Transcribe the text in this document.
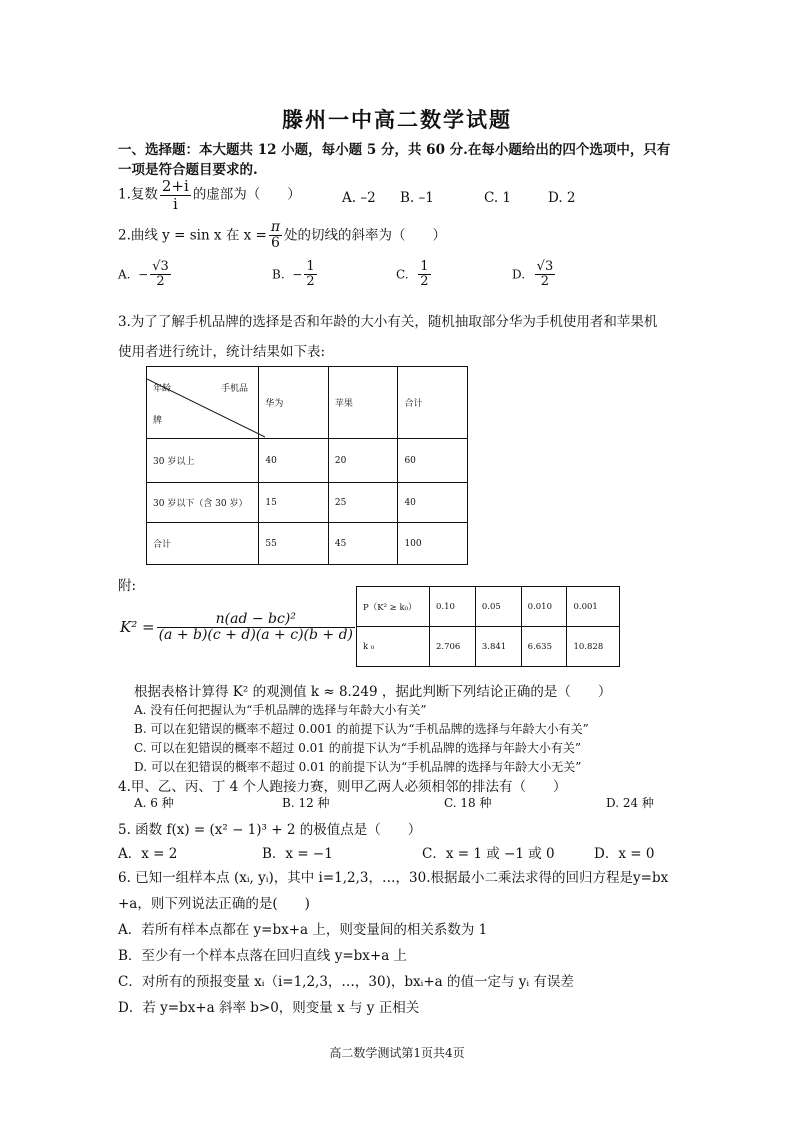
滕州一中高二数学试题
一、选择题：本大题共 12 小题，每小题 5 分，共 60 分.在每小题给出的四个选项中，只有
一项是符合题目要求的.
1.复数 $\frac{2+i}{i}$ 的虚部为（　　）	A. –2 B. –1	C. 1	D. 2
2.曲线 y = sin x 在 $x = \frac{\pi}{6}$ 处的切线的斜率为（　　）
A. − $\frac{√3}{2}$	B. − $\frac{1}{2}$	C. $\frac{1}{2}$	D. $\frac{√3}{2}$
3.为了了解手机品牌的选择是否和年龄的大小有关，随机抽取部分华为手机使用者和苹果机
使用者进行统计，统计结果如下表:
年龄 手机品
牌	华为	苹果	合计
30 岁以上	40	20	60
30 岁以下（含 30 岁）	15	25	40
合计	55	45	100
附:
$K^2 = \frac{\text{n(ad − bc)²}}{(a + b)(c + d)(a + c)(b + d)}$
P（K² ≥ k₀）	0.10	0.05	0.010	0.001
k ₀	2.706	3.841	6.635	10.828
根据表格计算得 K² 的观测值 k ≈ 8.249 ，据此判断下列结论正确的是（　　）
A. 没有任何把握认为“手机品牌的选择与年龄大小有关”
B. 可以在犯错误的概率不超过 0.001 的前提下认为“手机品牌的选择与年龄大小有关”
C. 可以在犯错误的概率不超过 0.01 的前提下认为“手机品牌的选择与年龄大小有关”
D. 可以在犯错误的概率不超过 0.01 的前提下认为“手机品牌的选择与年龄大小无关”
4.甲、乙、丙、丁 4 个人跑接力赛，则甲乙两人必须相邻的排法有（　　）
A. 6 种	B. 12 种	C. 18 种	D. 24 种
5. 函数 f(x) = (x² − 1)³ + 2 的极值点是（　　）
A．x = 2	B．x = −1	C．x = 1 或 −1 或 0	D．x = 0
6. 已知一组样本点 (xᵢ, yᵢ)，其中 i=1,2,3，…，30.根据最小二乘法求得的回归方程是y=bx
+a，则下列说法正确的是(　　)
A．若所有样本点都在 y=bx+a 上，则变量间的相关系数为 1
B．至少有一个样本点落在回归直线 y=bx+a 上
C．对所有的预报变量 xᵢ（i=1,2,3，…，30)，bxᵢ+a 的值一定与 yᵢ 有误差
D．若 y=bx+a 斜率 b>0，则变量 x 与 y 正相关
高二数学测试第1页共4页
